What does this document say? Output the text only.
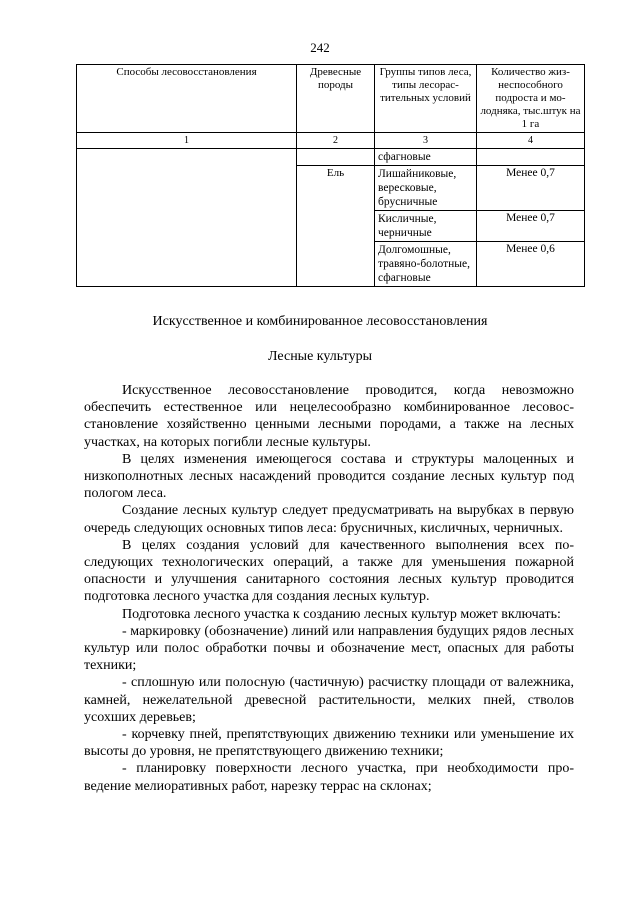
242
Способы лесовосстановления	Древесные породы	Группы типов леса, типы лесорастительных условий	Количество жизнеспособного подроста и молодняка, тыс.штук на 1 га
1	2	3	4
		сфагновые	
	Ель	Лишайниковые, вересковые, брусничные	Менее 0,7
		Кисличные, черничные	Менее 0,7
		Долгомошные, травяно-болотные, сфагновые	Менее 0,6
Искусственное и комбинированное лесовосстановления
Лесные культуры

Искусственное лесовосстановление проводится, когда невозможно обеспечить естественное или нецелесообразно комбинированное лесовосстановление хозяйственно ценными лесными породами, а также на лесных участках, на которых погибли лесные культуры.

В целях изменения имеющегося состава и структуры малоценных и низкополнотных лесных насаждений проводится создание лесных культур под пологом леса.

Создание лесных культур следует предусматривать на вырубках в первую очередь следующих основных типов леса: брусничных, кисличных, черничных.

В целях создания условий для качественного выполнения всех последующих технологических операций, а также для уменьшения пожарной опасности и улучшения санитарного состояния лесных культур проводится подготовка лесного участка для создания лесных культур.

Подготовка лесного участка к созданию лесных культур может включать:

- маркировку (обозначение) линий или направления будущих рядов лесных культур или полос обработки почвы и обозначение мест, опасных для работы техники;

- сплошную или полосную (частичную) расчистку площади от валежника, камней, нежелательной древесной растительности, мелких пней, стволов усохших деревьев;

- корчевку пней, препятствующих движению техники или уменьшение их высоты до уровня, не препятствующего движению техники;

- планировку поверхности лесного участка, при необходимости проведение мелиоративных работ, нарезку террас на склонах;
